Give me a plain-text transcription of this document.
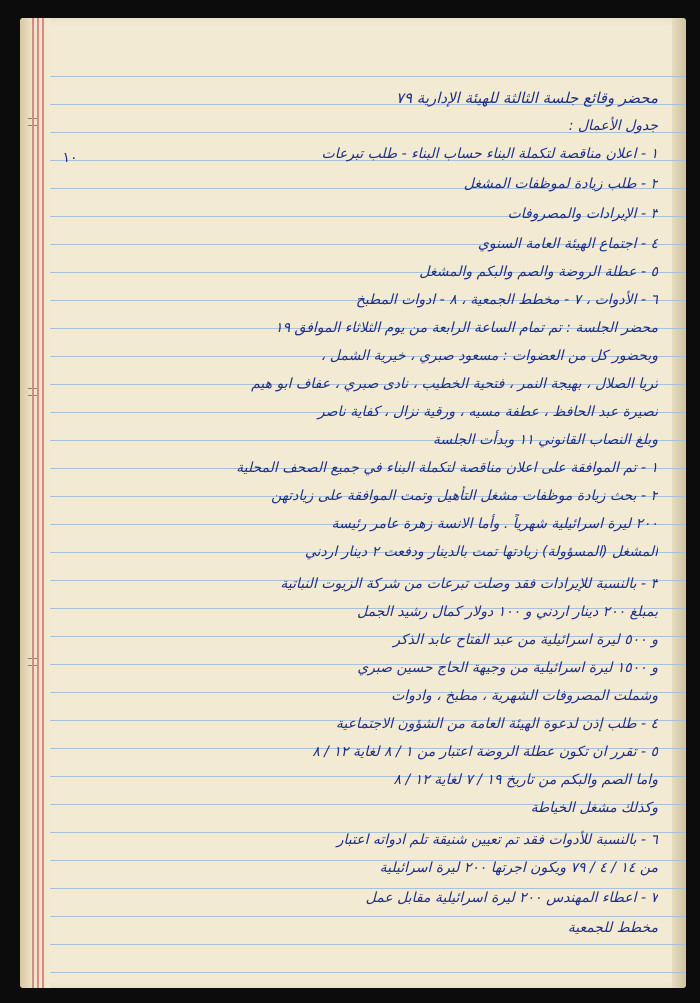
١٠
محضر وقائع جلسة الثالثة للهيئة الإدارية ٧٩
جدول الأعمال :
١ - اعلان مناقصة لتكملة البناء حساب البناء - طلب تبرعات
٢ - طلب زيادة لموظفات المشغل
٣ - الإيرادات والمصروفات
٤ - اجتماع الهيئة العامة السنوي
٥ - عطلة الروضة والصم والبكم والمشغل
٦ - الأدوات ، ٧ - مخطط الجمعية ، ٨ - ادوات المطبخ
محضر الجلسة : تم تمام الساعة الرابعة من يوم الثلاثاء الموافق ١٩
وبحضور كل من العضوات : مسعود صبري ، خيرية الشمل ،
ثريا الصلال ، بهيجة النمر ، فتحية الخطيب ، نادى صبري ، عفاف ابو هيم
نصيرة عبد الحافظ ، عطفة مسيه ، ورقية نزال ، كفاية ناصر
وبلغ النصاب القانوني ١١ وبدأت الجلسة
١ - تم الموافقة على اعلان مناقصة لتكملة البناء في جميع الصحف المحلية
٢ - بحث زيادة موظفات مشغل التأهيل وتمت الموافقة على زيادتهن
٢٠٠ ليرة اسرائيلية شهرياً . وأما الانسة زهرة عامر رئيسة
المشغل (المسؤولة) زيادتها تمت بالدينار ودفعت ٢ دينار اردني
٣ - بالنسبة للإيرادات فقد وصلت تبرعات من شركة الزيوت النباتية
بمبلغ ٢٠٠ دينار اردني و ١٠٠ دولار كمال رشيد الجمل
و ٥٠٠ ليرة اسرائيلية من عبد الفتاح عابد الذكر
و ١٥٠٠ ليرة اسرائيلية من وجيهة الحاج حسين صبري
وشملت المصروفات الشهرية ، مطبخ ، وادوات
٤ - طلب إذن لدعوة الهيئة العامة من الشؤون الاجتماعية
٥ - تقرر ان تكون عطلة الروضة اعتبار من ١ / ٨ لغاية ١٢ / ٨
واما الصم والبكم من تاريخ ١٩ / ٧ لغاية ١٢ / ٨
وكذلك مشغل الخياطة
٦ - بالنسبة للأدوات فقد تم تعيين شنيقة تلم ادواته اعتبار
من ١٤ / ٤ / ٧٩ ويكون اجرتها ٢٠٠ ليرة اسرائيلية
٧ - اعطاء المهندس ٢٠٠ ليرة اسرائيلية مقابل عمل
مخطط للجمعية
